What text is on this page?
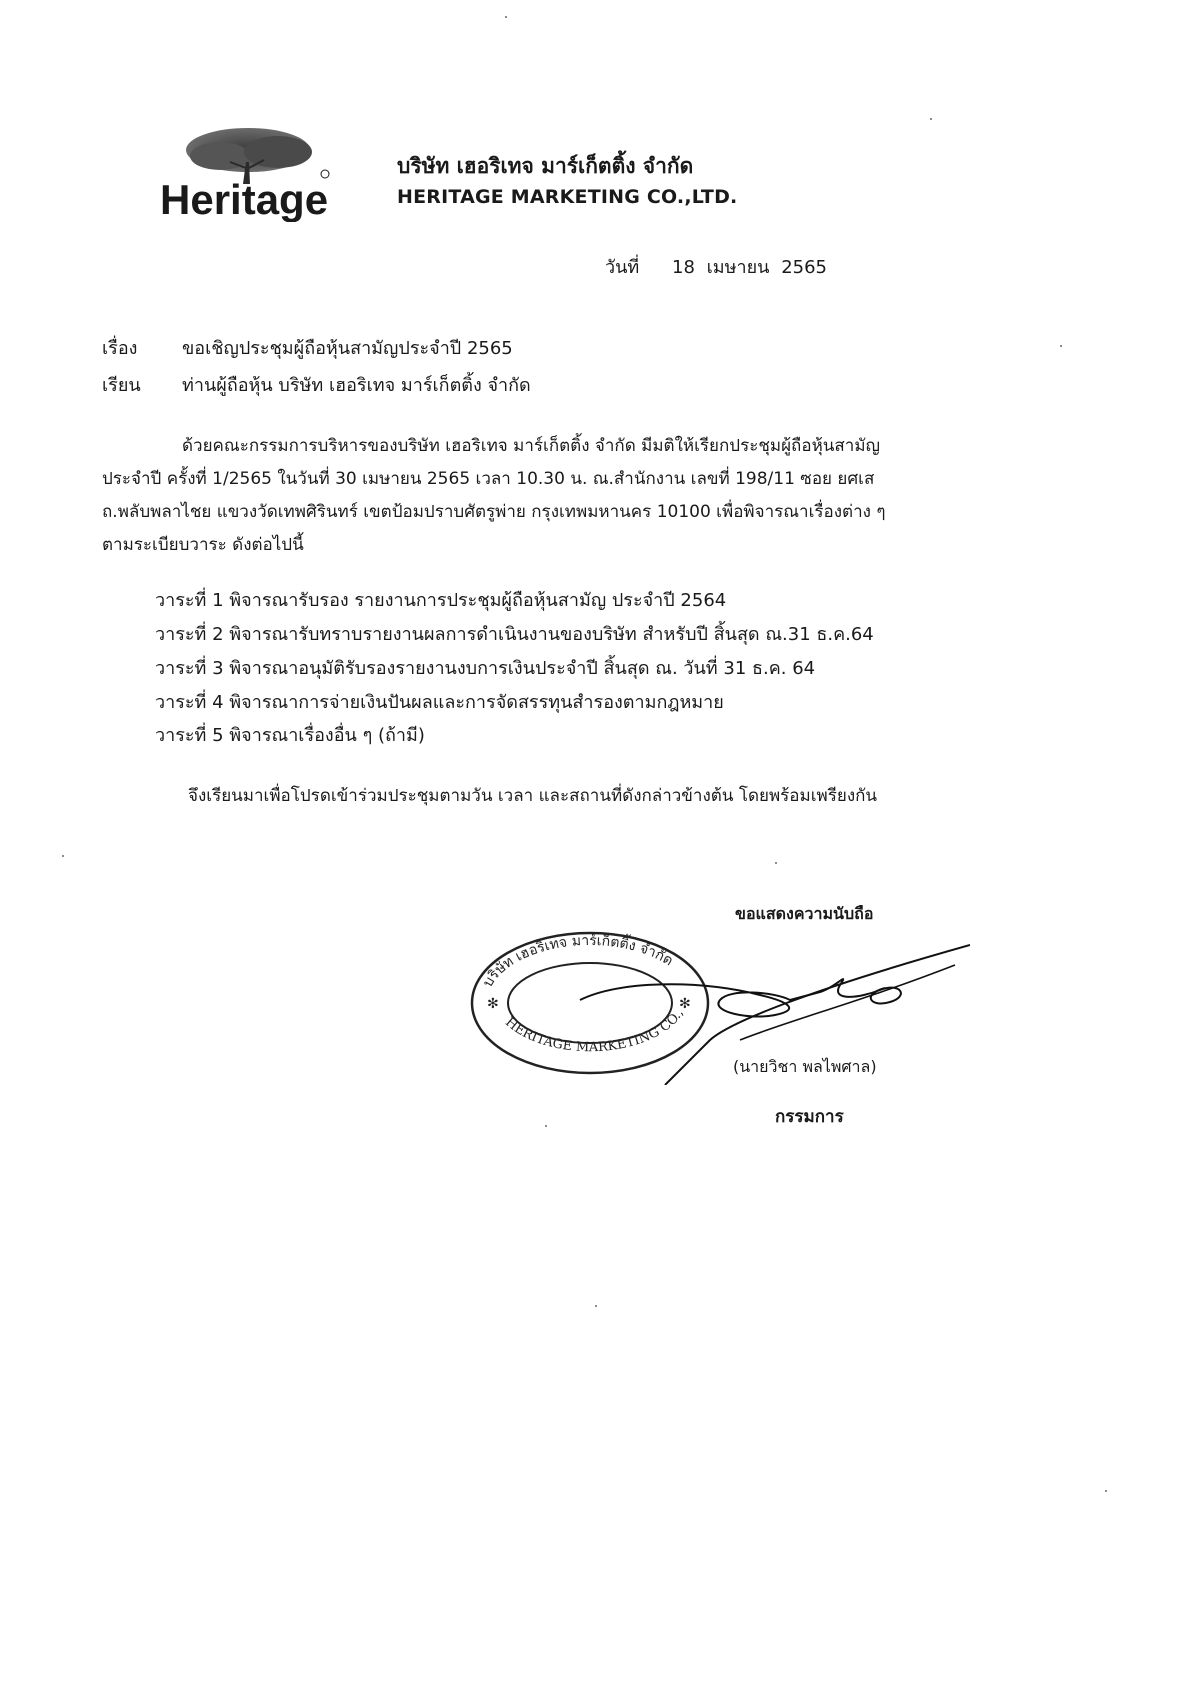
Heritage
บริษัท เฮอริเทจ มาร์เก็ตติ้ง จำกัด
HERITAGE MARKETING CO.,LTD.
วันที่ 18 เมษายน 2565
เรื่อง ขอเชิญประชุมผู้ถือหุ้นสามัญประจำปี 2565
เรียน ท่านผู้ถือหุ้น บริษัท เฮอริเทจ มาร์เก็ตติ้ง จำกัด
ด้วยคณะกรรมการบริหารของบริษัท เฮอริเทจ มาร์เก็ตติ้ง จำกัด มีมติให้เรียกประชุมผู้ถือหุ้นสามัญ
ประจำปี ครั้งที่ 1/2565 ในวันที่ 30 เมษายน 2565 เวลา 10.30 น. ณ.สำนักงาน เลขที่ 198/11 ซอย ยศเส
ถ.พลับพลาไชย แขวงวัดเทพศิรินทร์ เขตป้อมปราบศัตรูพ่าย กรุงเทพมหานคร 10100 เพื่อพิจารณาเรื่องต่าง ๆ
ตามระเบียบวาระ ดังต่อไปนี้
วาระที่ 1 พิจารณารับรอง รายงานการประชุมผู้ถือหุ้นสามัญ ประจำปี 2564
วาระที่ 2 พิจารณารับทราบรายงานผลการดำเนินงานของบริษัท สำหรับปี สิ้นสุด ณ.31 ธ.ค.64
วาระที่ 3 พิจารณาอนุมัติรับรองรายงานงบการเงินประจำปี สิ้นสุด ณ. วันที่ 31 ธ.ค. 64
วาระที่ 4 พิจารณาการจ่ายเงินปันผลและการจัดสรรทุนสำรองตามกฎหมาย
วาระที่ 5 พิจารณาเรื่องอื่น ๆ (ถ้ามี)
จึงเรียนมาเพื่อโปรดเข้าร่วมประชุมตามวัน เวลา และสถานที่ดังกล่าวข้างต้น โดยพร้อมเพรียงกัน
ขอแสดงความนับถือ
บริษัท เฮอริเทจ มาร์เก็ตติ้ง จำกัด
HERITAGE MARKETING CO.,
✻	✻
(นายวิชา พลไพศาล)
กรรมการ
